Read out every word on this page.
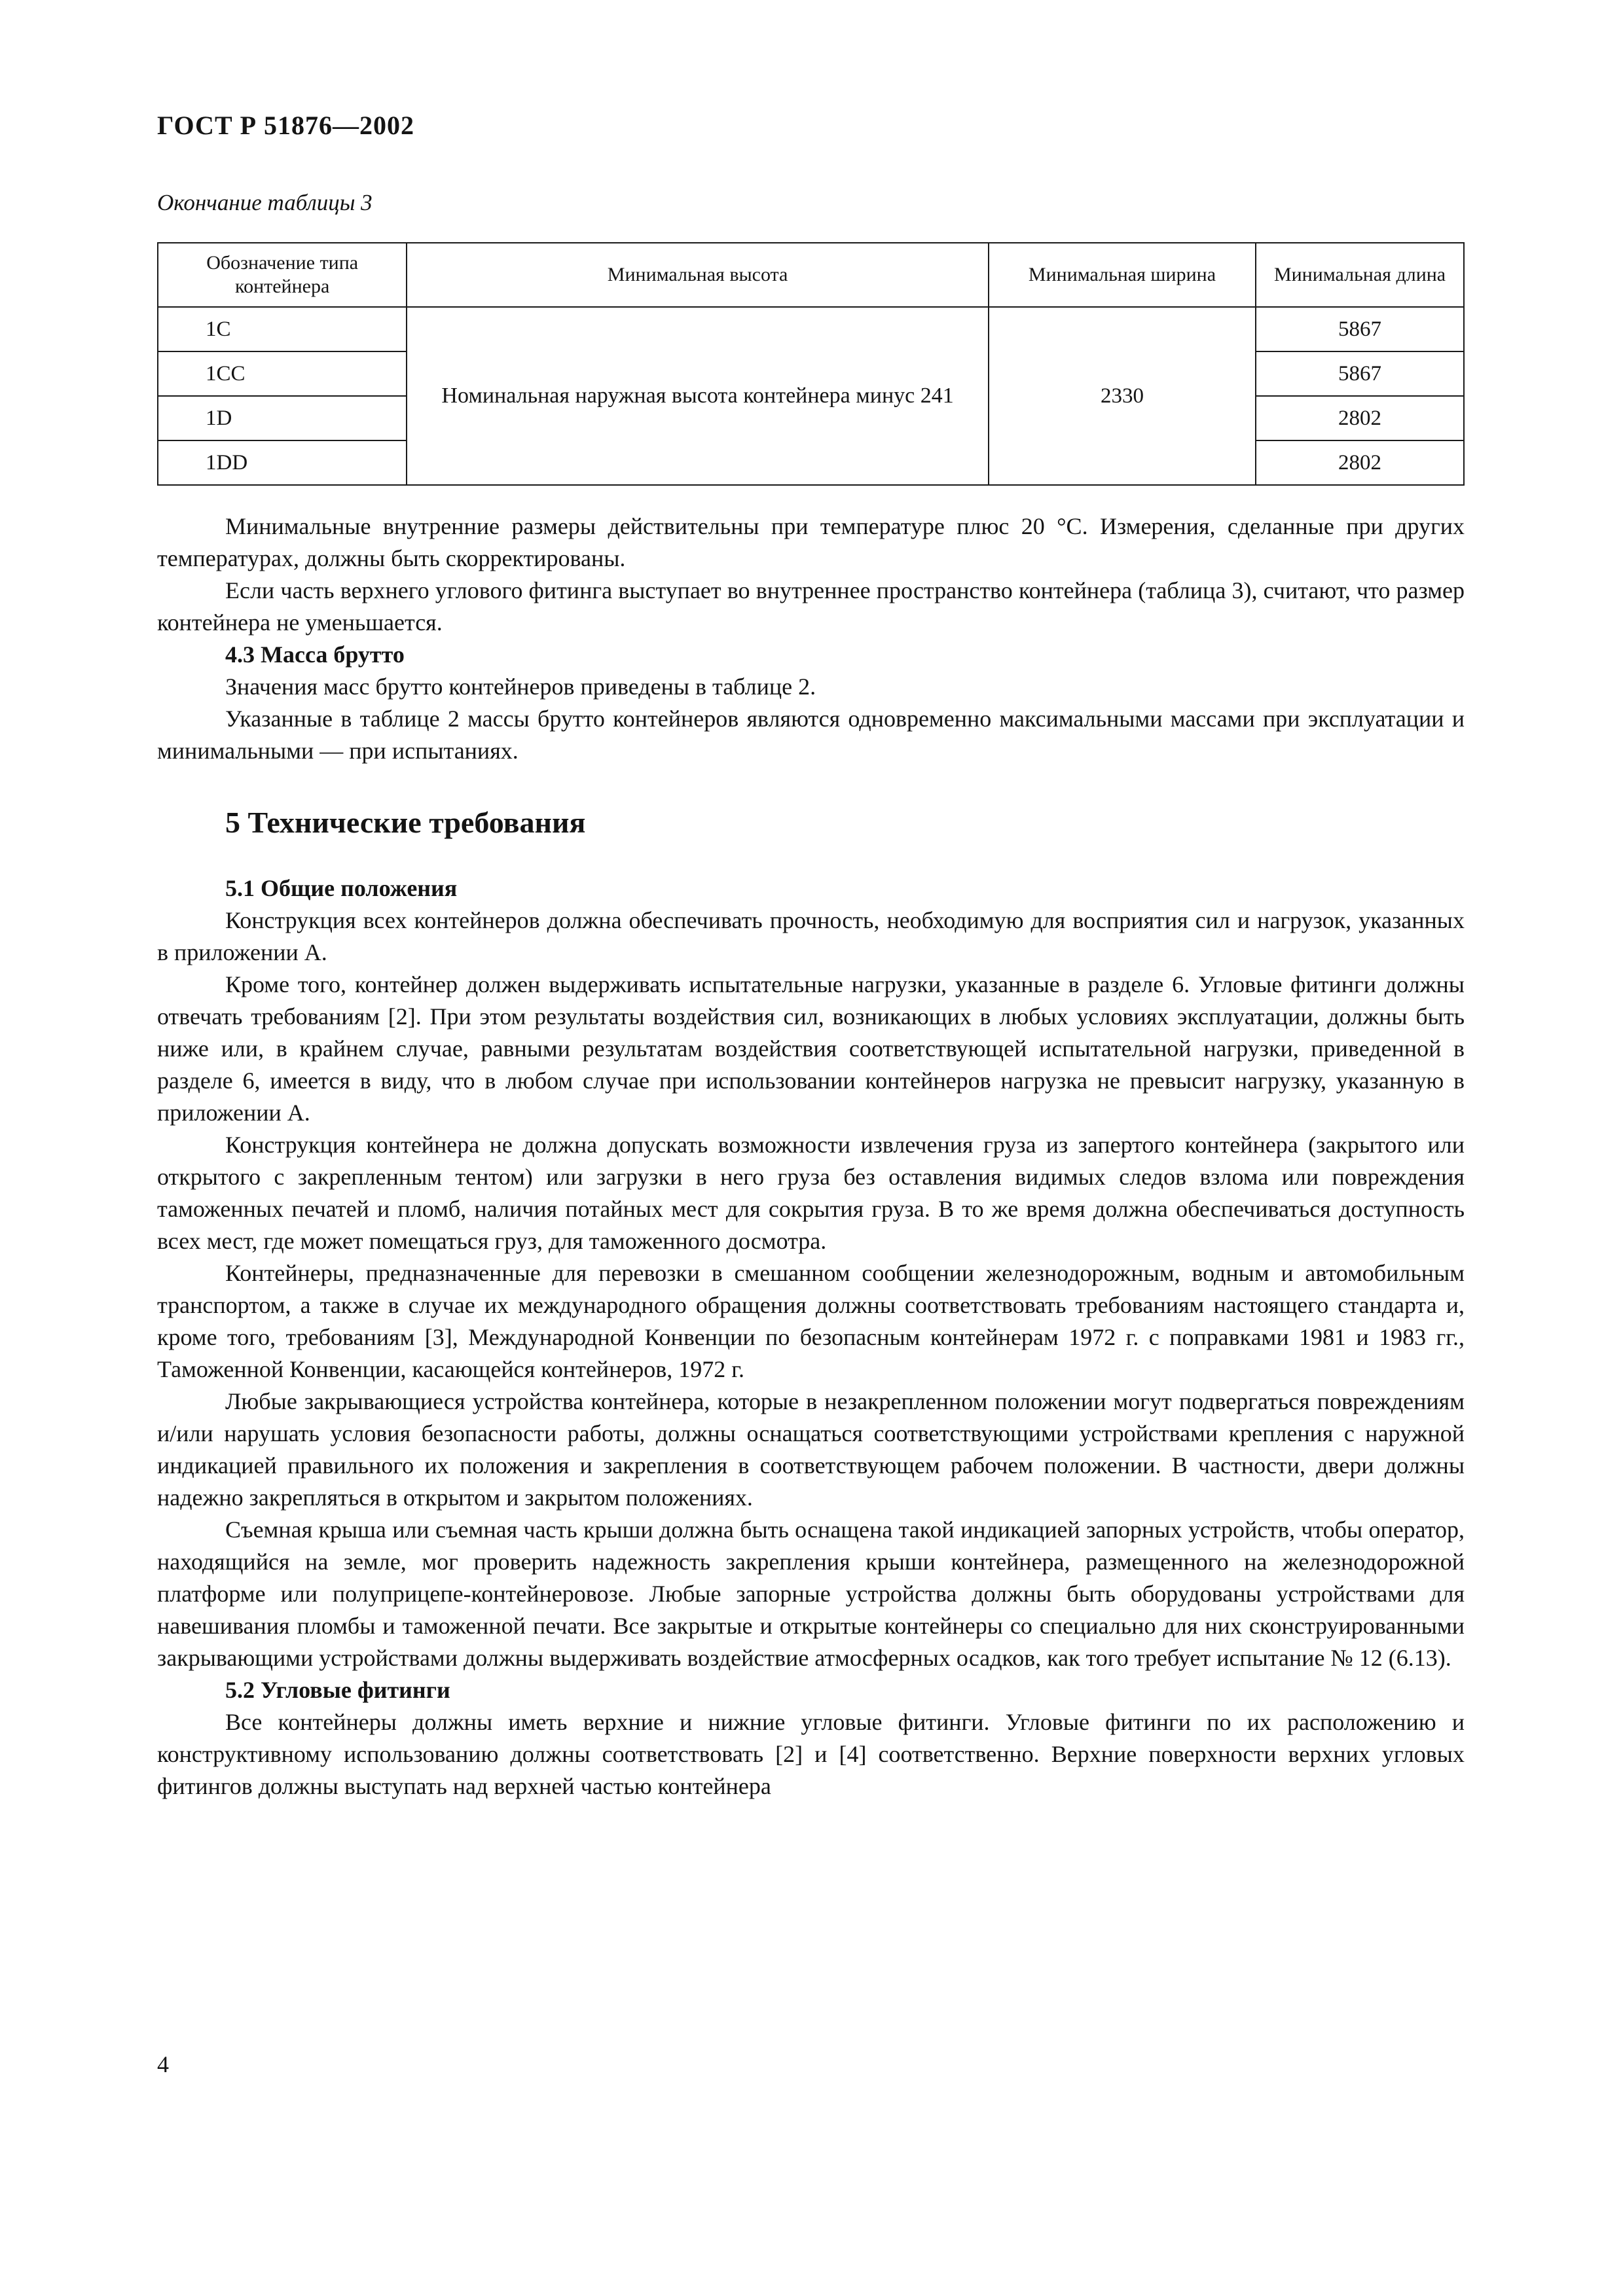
ГОСТ Р 51876—2002
Окончание таблицы 3
Обозначение типа контейнера	Минимальная высота	Минимальная ширина	Минимальная длина
1С	Номинальная наружная высота контейнера минус 241	2330	5867
1СС			5867
1D			2802
1DD			2802

Минимальные внутренние размеры действительны при температуре плюс 20 °С. Измерения, сделанные при других температурах, должны быть скорректированы.

Если часть верхнего углового фитинга выступает во внутреннее пространство контейнера (таблица 3), считают, что размер контейнера не уменьшается.

4.3 Масса брутто

Значения масс брутто контейнеров приведены в таблице 2.

Указанные в таблице 2 массы брутто контейнеров являются одновременно максимальными массами при эксплуатации и минимальными — при испытаниях.

5 Технические требования

5.1 Общие положения

Конструкция всех контейнеров должна обеспечивать прочность, необходимую для восприятия сил и нагрузок, указанных в приложении А.

Кроме того, контейнер должен выдерживать испытательные нагрузки, указанные в разделе 6. Угловые фитинги должны отвечать требованиям [2]. При этом результаты воздействия сил, возникающих в любых условиях эксплуатации, должны быть ниже или, в крайнем случае, равными результатам воздействия соответствующей испытательной нагрузки, приведенной в разделе 6, имеется в виду, что в любом случае при использовании контейнеров нагрузка не превысит нагрузку, указанную в приложении А.

Конструкция контейнера не должна допускать возможности извлечения груза из запертого контейнера (закрытого или открытого с закрепленным тентом) или загрузки в него груза без оставления видимых следов взлома или повреждения таможенных печатей и пломб, наличия потайных мест для сокрытия груза. В то же время должна обеспечиваться доступность всех мест, где может помещаться груз, для таможенного досмотра.

Контейнеры, предназначенные для перевозки в смешанном сообщении железнодорожным, водным и автомобильным транспортом, а также в случае их международного обращения должны соответствовать требованиям настоящего стандарта и, кроме того, требованиям [3], Международной Конвенции по безопасным контейнерам 1972 г. с поправками 1981 и 1983 гг., Таможенной Конвенции, касающейся контейнеров, 1972 г.

Любые закрывающиеся устройства контейнера, которые в незакрепленном положении могут подвергаться повреждениям и/или нарушать условия безопасности работы, должны оснащаться соответствующими устройствами крепления с наружной индикацией правильного их положения и закрепления в соответствующем рабочем положении. В частности, двери должны надежно закрепляться в открытом и закрытом положениях.

Съемная крыша или съемная часть крыши должна быть оснащена такой индикацией запорных устройств, чтобы оператор, находящийся на земле, мог проверить надежность закрепления крыши контейнера, размещенного на железнодорожной платформе или полуприцепе-контейнеровозе. Любые запорные устройства должны быть оборудованы устройствами для навешивания пломбы и таможенной печати. Все закрытые и открытые контейнеры со специально для них сконструированными закрывающими устройствами должны выдерживать воздействие атмосферных осадков, как того требует испытание № 12 (6.13).

5.2 Угловые фитинги

Все контейнеры должны иметь верхние и нижние угловые фитинги. Угловые фитинги по их расположению и конструктивному использованию должны соответствовать [2] и [4] соответственно. Верхние поверхности верхних угловых фитингов должны выступать над верхней частью контейнера

4
